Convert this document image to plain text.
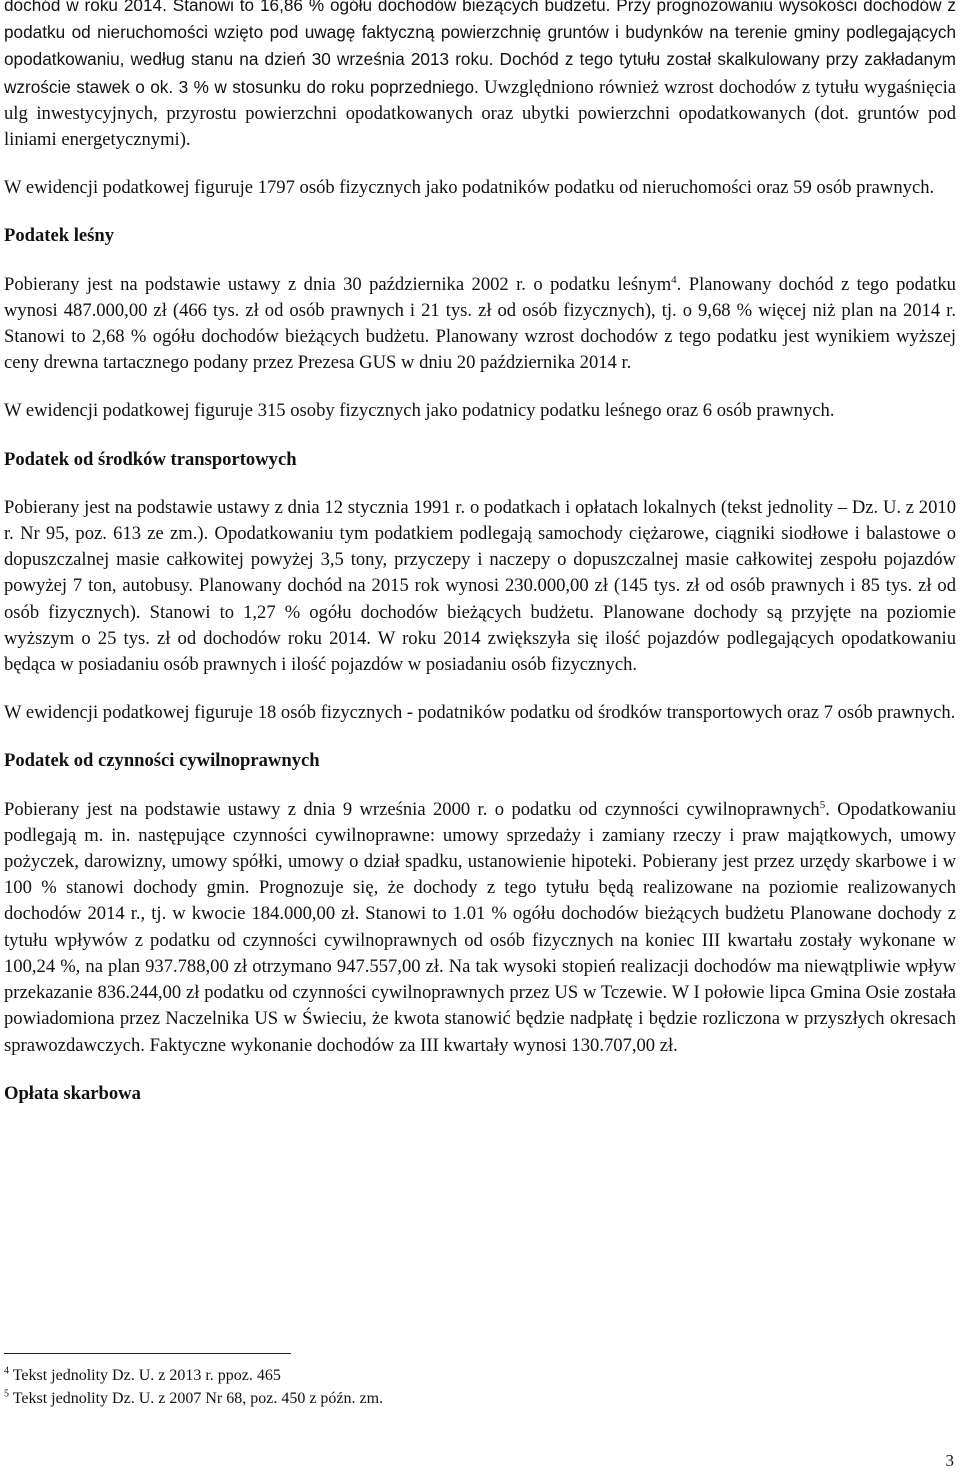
dochód w roku 2014. Stanowi to 16,86 % ogółu dochodów bieżących budżetu. Przy prognozowaniu wysokości dochodów z podatku od nieruchomości wzięto pod uwagę faktyczną powierzchnię gruntów i budynków na terenie gminy podlegających opodatkowaniu, według stanu na dzień 30 września 2013 roku. Dochód z tego tytułu został skalkulowany przy zakładanym wzroście stawek o ok. 3 % w stosunku do roku poprzedniego. Uwzględniono również wzrost dochodów z tytułu wygaśnięcia ulg inwestycyjnych, przyrostu powierzchni opodatkowanych oraz ubytki powierzchni opodatkowanych (dot. gruntów pod liniami energetycznymi).

W ewidencji podatkowej figuruje 1797 osób fizycznych jako podatników podatku od nieruchomości oraz 59 osób prawnych.

Podatek leśny

Pobierany jest na podstawie ustawy z dnia 30 października 2002 r. o podatku leśnym$^4$. Planowany dochód z tego podatku wynosi 487.000,00 zł (466 tys. zł od osób prawnych i 21 tys. zł od osób fizycznych), tj. o 9,68 % więcej niż plan na 2014 r. Stanowi to 2,68 % ogółu dochodów bieżących budżetu. Planowany wzrost dochodów z tego podatku jest wynikiem wyższej ceny drewna tartacznego podany przez Prezesa GUS w dniu 20 października 2014 r.

W ewidencji podatkowej figuruje 315 osoby fizycznych jako podatnicy podatku leśnego oraz 6 osób prawnych.

Podatek od środków transportowych

Pobierany jest na podstawie ustawy z dnia 12 stycznia 1991 r. o podatkach i opłatach lokalnych (tekst jednolity – Dz. U. z 2010 r. Nr 95, poz. 613 ze zm.). Opodatkowaniu tym podatkiem podlegają samochody ciężarowe, ciągniki siodłowe i balastowe o dopuszczalnej masie całkowitej powyżej 3,5 tony, przyczepy i naczepy o dopuszczalnej masie całkowitej zespołu pojazdów powyżej 7 ton, autobusy. Planowany dochód na 2015 rok wynosi 230.000,00 zł (145 tys. zł od osób prawnych i 85 tys. zł od osób fizycznych). Stanowi to 1,27 % ogółu dochodów bieżących budżetu. Planowane dochody są przyjęte na poziomie wyższym o 25 tys. zł od dochodów roku 2014. W roku 2014 zwiększyła się ilość pojazdów podlegających opodatkowaniu będąca w posiadaniu osób prawnych i ilość pojazdów w posiadaniu osób fizycznych.

W ewidencji podatkowej figuruje 18 osób fizycznych - podatników podatku od środków transportowych oraz 7 osób prawnych.

Podatek od czynności cywilnoprawnych

Pobierany jest na podstawie ustawy z dnia 9 września 2000 r. o podatku od czynności cywilnoprawnych$^5$. Opodatkowaniu podlegają m. in. następujące czynności cywilnoprawne: umowy sprzedaży i zamiany rzeczy i praw majątkowych, umowy pożyczek, darowizny, umowy spółki, umowy o dział spadku, ustanowienie hipoteki. Pobierany jest przez urzędy skarbowe i w 100 % stanowi dochody gmin. Prognozuje się, że dochody z tego tytułu będą realizowane na poziomie realizowanych dochodów 2014 r., tj. w kwocie 184.000,00 zł. Stanowi to 1.01 % ogółu dochodów bieżących budżetu Planowane dochody z tytułu wpływów z podatku od czynności cywilnoprawnych od osób fizycznych na koniec III kwartału zostały wykonane w 100,24 %, na plan 937.788,00 zł otrzymano 947.557,00 zł. Na tak wysoki stopień realizacji dochodów ma niewątpliwie wpływ przekazanie 836.244,00 zł podatku od czynności cywilnoprawnych przez US w Tczewie. W I połowie lipca Gmina Osie została powiadomiona przez Naczelnika US w Świeciu, że kwota stanowić będzie nadpłatę i będzie rozliczona w przyszłych okresach sprawozdawczych. Faktyczne wykonanie dochodów za III kwartały wynosi 130.707,00 zł.

Opłata skarbowa
$^4$ Tekst jednolity Dz. U. z 2013 r. ppoz. 465
$^5$ Tekst jednolity Dz. U. z 2007 Nr 68, poz. 450 z późn. zm.
3
